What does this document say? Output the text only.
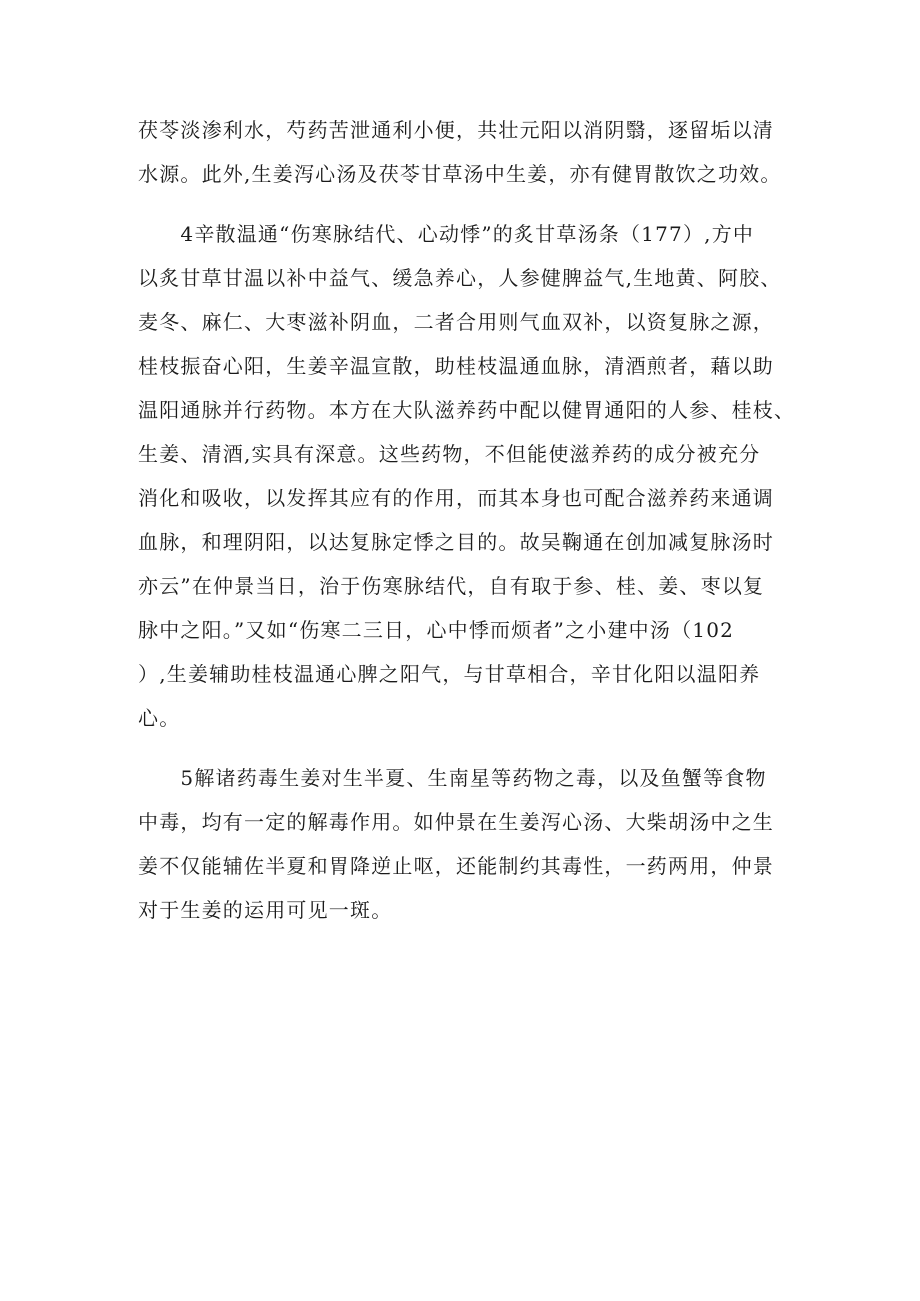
茯苓淡渗利水，芍药苦泄通利小便，共壮元阳以消阴翳，逐留垢以清
水源。此外,生姜泻心汤及茯苓甘草汤中生姜，亦有健胃散饮之功效。
　　4辛散温通“伤寒脉结代、心动悸”的炙甘草汤条（177）,方中
以炙甘草甘温以补中益气、缓急养心，人参健脾益气,生地黄、阿胶、
麦冬、麻仁、大枣滋补阴血，二者合用则气血双补，以资复脉之源，
桂枝振奋心阳，生姜辛温宣散，助桂枝温通血脉，清酒煎者，藉以助
温阳通脉并行药物。本方在大队滋养药中配以健胃通阳的人参、桂枝、
生姜、清酒,实具有深意。这些药物，不但能使滋养药的成分被充分
消化和吸收，以发挥其应有的作用，而其本身也可配合滋养药来通调
血脉，和理阴阳，以达复脉定悸之目的。故吴鞠通在创加减复脉汤时
亦云”在仲景当日，治于伤寒脉结代，自有取于参、桂、姜、枣以复
脉中之阳。”又如“伤寒二三日，心中悸而烦者”之小建中汤（102
）,生姜辅助桂枝温通心脾之阳气，与甘草相合，辛甘化阳以温阳养
心。
　　5解诸药毒生姜对生半夏、生南星等药物之毒，以及鱼蟹等食物
中毒，均有一定的解毒作用。如仲景在生姜泻心汤、大柴胡汤中之生
姜不仅能辅佐半夏和胃降逆止呕，还能制约其毒性，一药两用，仲景
对于生姜的运用可见一斑。
